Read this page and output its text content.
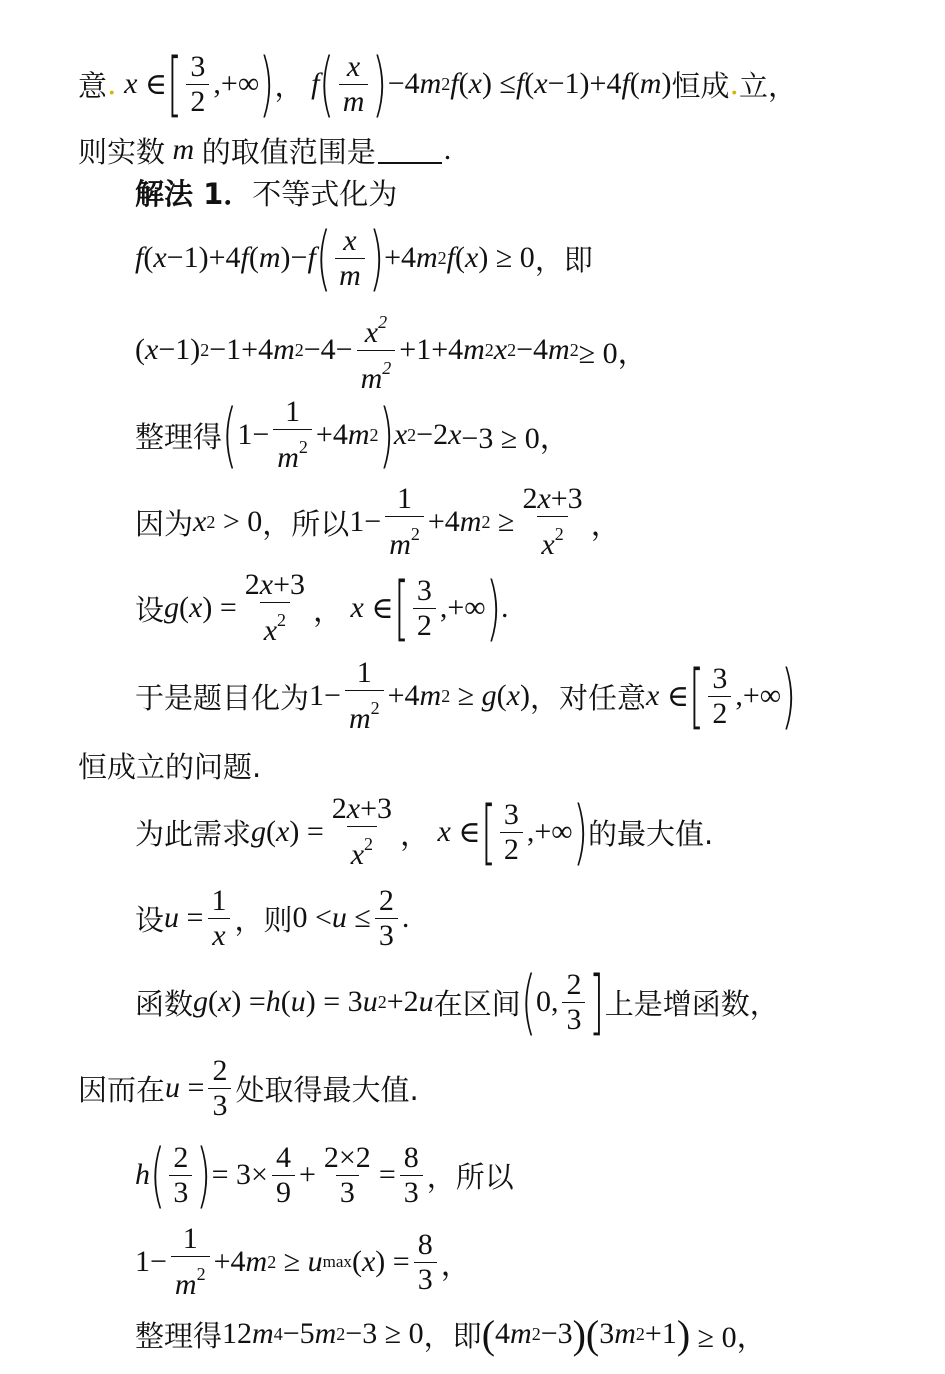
意 . x ∈ [ $\frac{3}{2}$ ,+∞ ) ， f ( $\frac{x}{m}$ ) −4 m 2 f ( x ) ≤ f ( x −1)+4 f ( m ) 恒成 . 立 ，
则实数 m 的取值范围是 .
解法 1． 不等式化为
f ( x −1)+4 f ( m )− f ( $\frac{x}{m}$ ) +4 m 2 f ( x ) ≥ 0 ，即
( x −1) 2 −1+4 m $2 -4- \frac{x^2}{m^2} +1+4$ m 2 x 2 −4 m 2 ≥ 0，
整理得 ( $1- \frac{1}{m^2} +4$ m 2 ) x 2 −2 x −3 ≥ 0，
因为 x 2 > 0 ，所以 $1- \frac{1}{m^2} +4$ m $2 \ge \frac{2x+3}{x^2}$ ，
设 g ( x ) = $\frac{2x+3}{x^2}$ ， x ∈ [ $\frac{3}{2}$ ,+∞ ) .
于是题目化为 $1- \frac{1}{m^2} +4$ m 2 ≥ g ( x ) ，对任意 x ∈ [ $\frac{3}{2}$ ,+∞ )
恒成立的问题.
为此需求 g ( x ) = $\frac{2x+3}{x^2}$ ， x ∈ [ $\frac{3}{2}$ ,+∞ ) 的最大值.
设 $u = \frac{1}{x}$ ，则 $0 < u \le \frac{2}{3}$ .
函数 g ( x ) = h ( u ) = 3 u 2 +2 u 在区间 ( 0, $\frac{2}{3}$ ] 上是增函数，
因而在 $u = \frac{2}{3}$ 处取得最大值.
h ( $\frac{2}{3}$ ) = $3\times \frac{4}{9} + \frac{2\times 2}{3} = \frac{8}{3}$ ，所以
$1- \frac{1}{m^2} +4$ m 2 ≥ u max ( x ) = $\frac{8}{3}$ ，
整理得 12 m 4 −5 m 2 −3 ≥ 0 ，即 ( 4 m 2 −3 )( 3 m 2 +1 ) ≥ 0，
